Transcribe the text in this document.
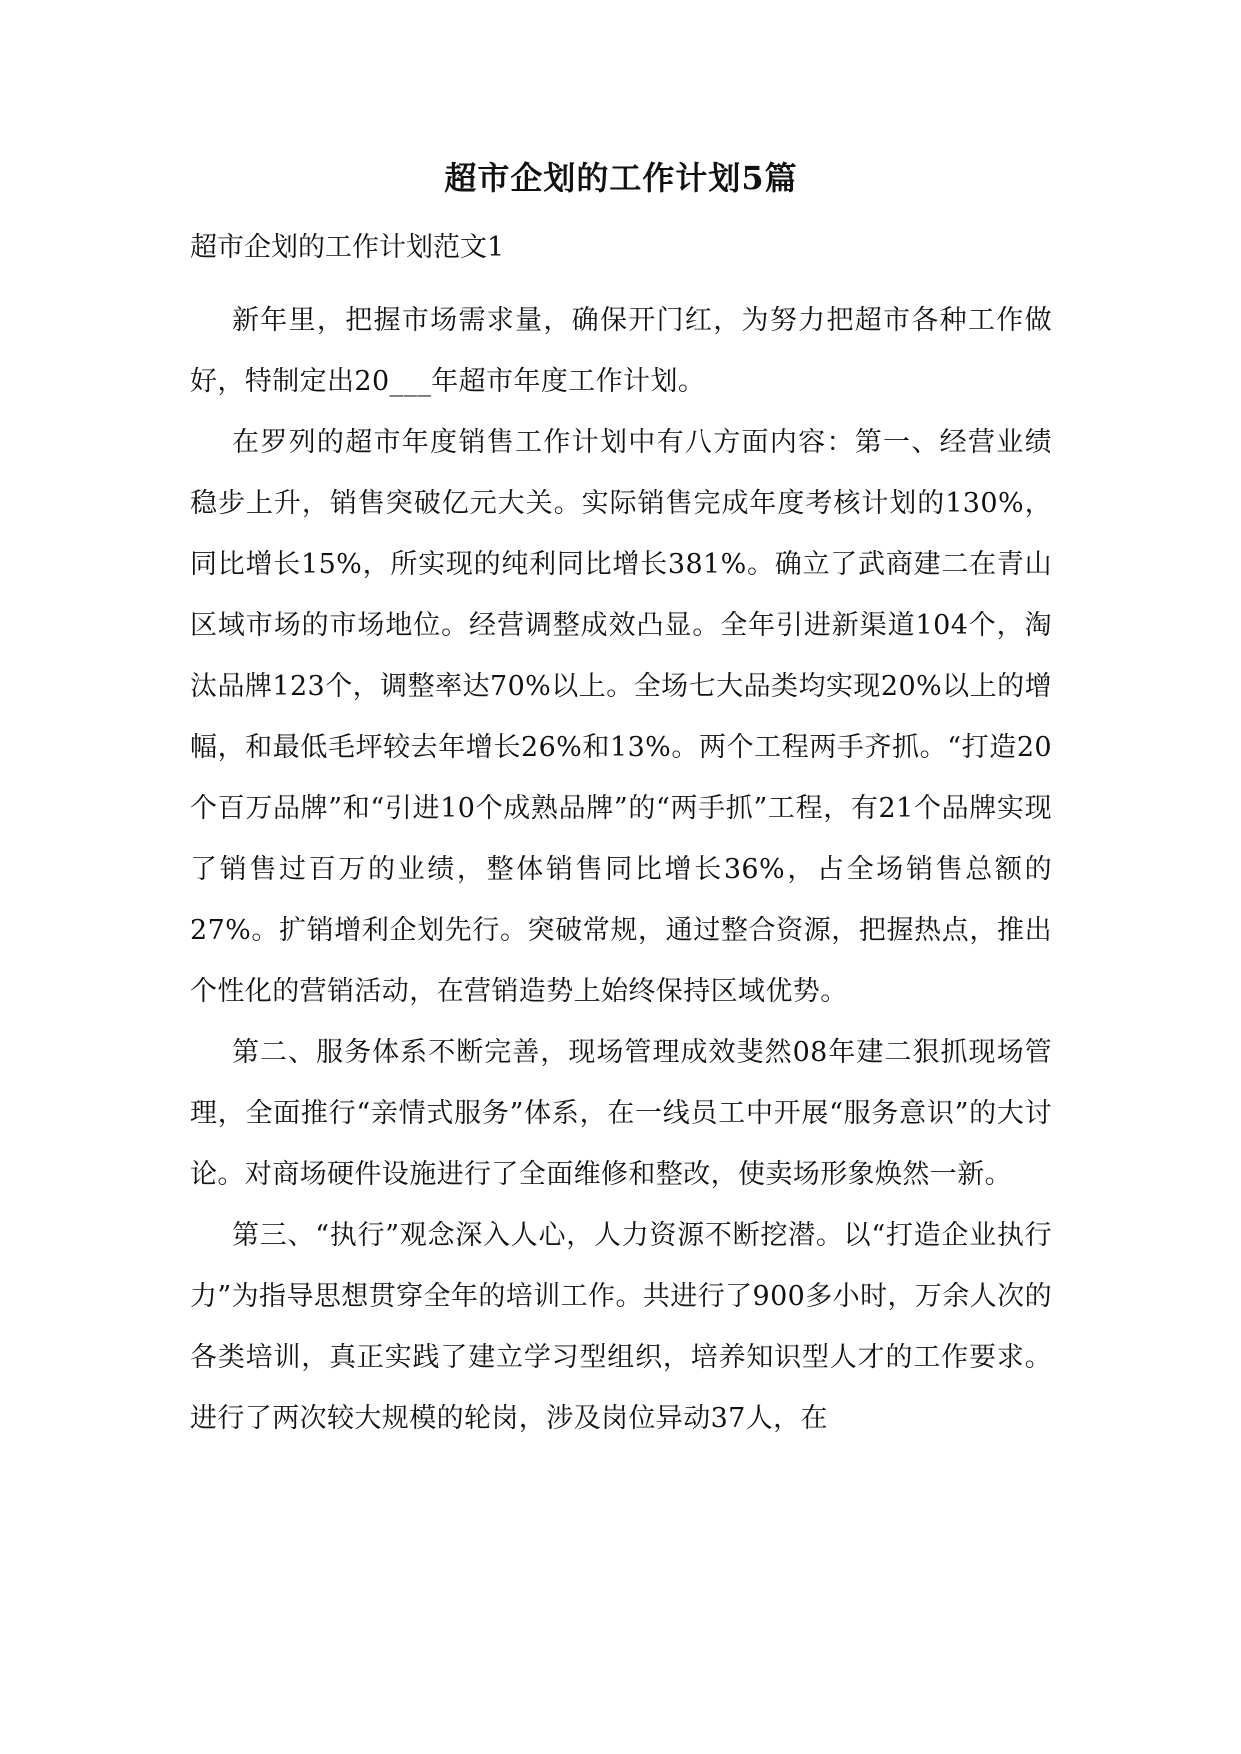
超市企划的工作计划5篇

超市企划的工作计划范文1

新年里，把握市场需求量，确保开门红，为努力把超市各种工作做好，特制定出20___年超市年度工作计划。

在罗列的超市年度销售工作计划中有八方面内容：第一、经营业绩稳步上升，销售突破亿元大关。实际销售完成年度考核计划的130%，同比增长15%，所实现的纯利同比增长381%。确立了武商建二在青山区域市场的市场地位。经营调整成效凸显。全年引进新渠道104个，淘汰品牌123个，调整率达70%以上。全场七大品类均实现20%以上的增幅，和最低毛坪较去年增长26%和13%。两个工程两手齐抓。“打造20个百万品牌”和“引进10个成熟品牌”的“两手抓”工程，有21个品牌实现了销售过百万的业绩，整体销售同比增长36%，占全场销售总额的27%。扩销增利企划先行。突破常规，通过整合资源，把握热点，推出个性化的营销活动，在营销造势上始终保持区域优势。

第二、服务体系不断完善，现场管理成效斐然08年建二狠抓现场管理，全面推行“亲情式服务”体系，在一线员工中开展“服务意识”的大讨论。对商场硬件设施进行了全面维修和整改，使卖场形象焕然一新。

第三、“执行”观念深入人心，人力资源不断挖潜。以“打造企业执行力”为指导思想贯穿全年的培训工作。共进行了900多小时，万余人次的各类培训，真正实践了建立学习型组织，培养知识型人才的工作要求。进行了两次较大规模的轮岗，涉及岗位异动37人，在
